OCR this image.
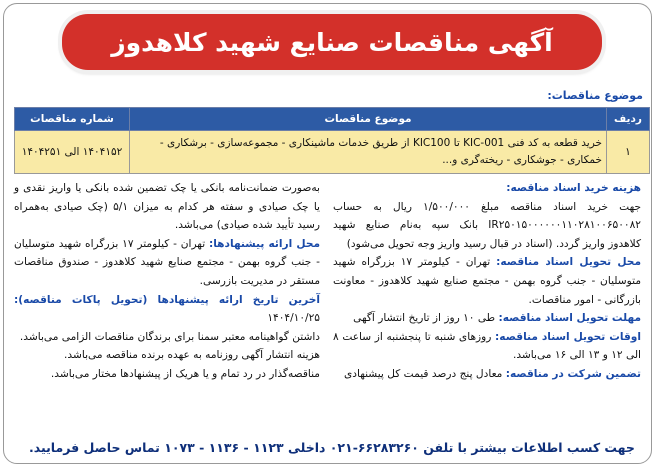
آگهی مناقصات صنایع شهید کلاهدوز
موضوع مناقصات:
ردیف	موضوع مناقصات	شماره مناقصات
۱	خرید قطعه به کد فنی KIC-001 تا KIC100 از طریق خدمات ماشینکاری - مجموعه‌سازی - برشکاری - خمکاری - جوشکاری - ریخته‌گری و...	۱۴۰۴۱۵۲ الی ۱۴۰۴۲۵۱
هزینه خرید اسناد مناقصه:
جهت خرید اسناد مناقصه مبلغ ۱/۵۰۰/۰۰۰ ریال به حساب IR۲۵۰۱۵۰۰۰۰۰۰۱۱۰۲۸۱۰۰۶۵۰۰۸۲ بانک سپه به‌نام صنایع شهید کلاهدوز واریز گردد. (اسناد در قبال رسید واریز وجه تحویل می‌شود)
محل تحویل اسناد مناقصه: تهران - کیلومتر ۱۷ بزرگراه شهید متوسلیان - جنب گروه بهمن - مجتمع صنایع شهید کلاهدوز - معاونت بازرگانی - امور مناقصات.
مهلت تحویل اسناد مناقصه: طی ۱۰ روز از تاریخ انتشار آگهی
اوقات تحویل اسناد مناقصه: روزهای شنبه تا پنجشنبه از ساعت ۸ الی ۱۲ و ۱۳ الی ۱۶ می‌باشد.
تضمین شرکت در مناقصه: معادل پنج درصد قیمت کل پیشنهادی
به‌صورت ضمانت‌نامه بانکی یا چک تضمین شده بانکی یا واریز نقدی و یا چک صیادی و سفته هر کدام به میزان ۵/۱ (چک صیادی به‌همراه رسید تأیید شده صیادی) می‌باشد.
محل ارائه پیشنهادها: تهران - کیلومتر ۱۷ بزرگراه شهید متوسلیان - جنب گروه بهمن - مجتمع صنایع شهید کلاهدوز - صندوق مناقصات مستقر در مدیریت بازرسی.
آخرین تاریخ ارائه پیشنهادها (تحویل پاکات مناقصه): ۱۴۰۴/۱۰/۲۵

داشتن گواهینامه معتبر سمنا برای برندگان مناقصات الزامی می‌باشد.
هزینه انتشار آگهی روزنامه به عهده برنده مناقصه می‌باشد.
مناقصه‌گذار در رد تمام و یا هریک از پیشنهادها مختار می‌باشد.
جهت کسب اطلاعات بیشتر با تلفن ۶۶۲۸۳۲۶۰-۰۲۱ داخلی ۱۱۲۳ - ۱۱۳۶ - ۱۰۷۳ تماس حاصل فرمایید.
